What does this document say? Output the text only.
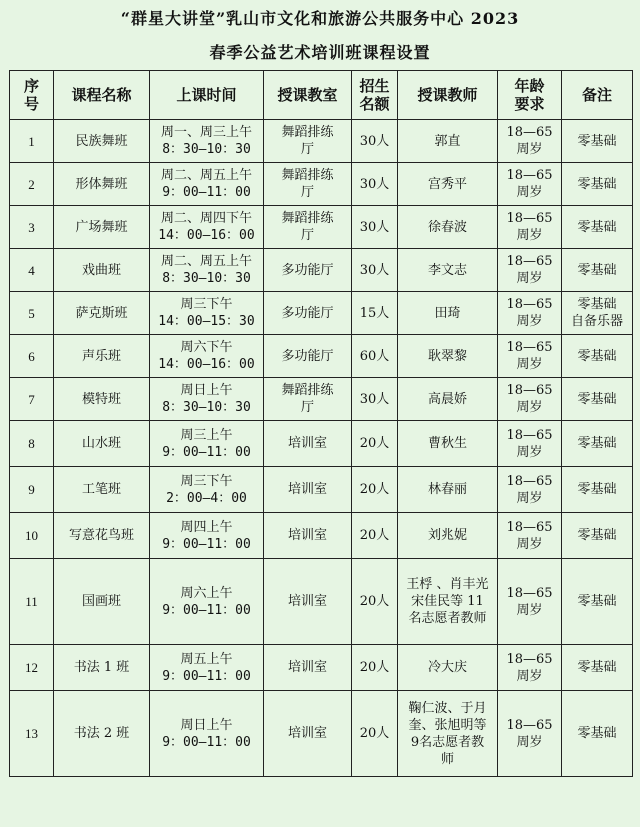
“群星大讲堂”乳山市文化和旅游公共服务中心 2023
春季公益艺术培训班课程设置
序
号	课程名称	上课时间	授课教室	招生
名额	授课教师	年龄
要求	备注
1	民族舞班	周一、周三上午
8：30—10：30	舞蹈排练
厅	30人	郭直	18—65
周岁	零基础
2	形体舞班	周二、周五上午
9：00—11：00	舞蹈排练
厅	30人	宫秀平	18—65
周岁	零基础
3	广场舞班	周二、周四下午
14：00—16：00	舞蹈排练
厅	30人	徐春波	18—65
周岁	零基础
4	戏曲班	周二、周五上午
8：30—10：30	多功能厅	30人	李文志	18—65
周岁	零基础
5	萨克斯班	周三下午
14：00—15：30	多功能厅	15人	田琦	18—65
周岁	零基础
自备乐器
6	声乐班	周六下午
14：00—16：00	多功能厅	60人	耿翠黎	18—65
周岁	零基础
7	模特班	周日上午
8：30—10：30	舞蹈排练
厅	30人	高晨娇	18—65
周岁	零基础
8	山水班	周三上午
9：00—11：00	培训室	20人	曹秋生	18—65
周岁	零基础
9	工笔班	周三下午
2：00—4：00	培训室	20人	林春丽	18—65
周岁	零基础
10	写意花鸟班	周四上午
9：00—11：00	培训室	20人	刘兆妮	18—65
周岁	零基础
11	国画班	周六上午
9：00—11：00	培训室	20人	王桴 、肖丰光
宋佳民等 11
名志愿者教师	18—65
周岁	零基础
12	书法 1 班	周五上午
9：00—11：00	培训室	20人	冷大庆	18—65
周岁	零基础
13	书法 2 班	周日上午
9：00—11：00	培训室	20人	鞠仁波、于月
奎、张旭明等
9名志愿者教
师	18—65
周岁	零基础
